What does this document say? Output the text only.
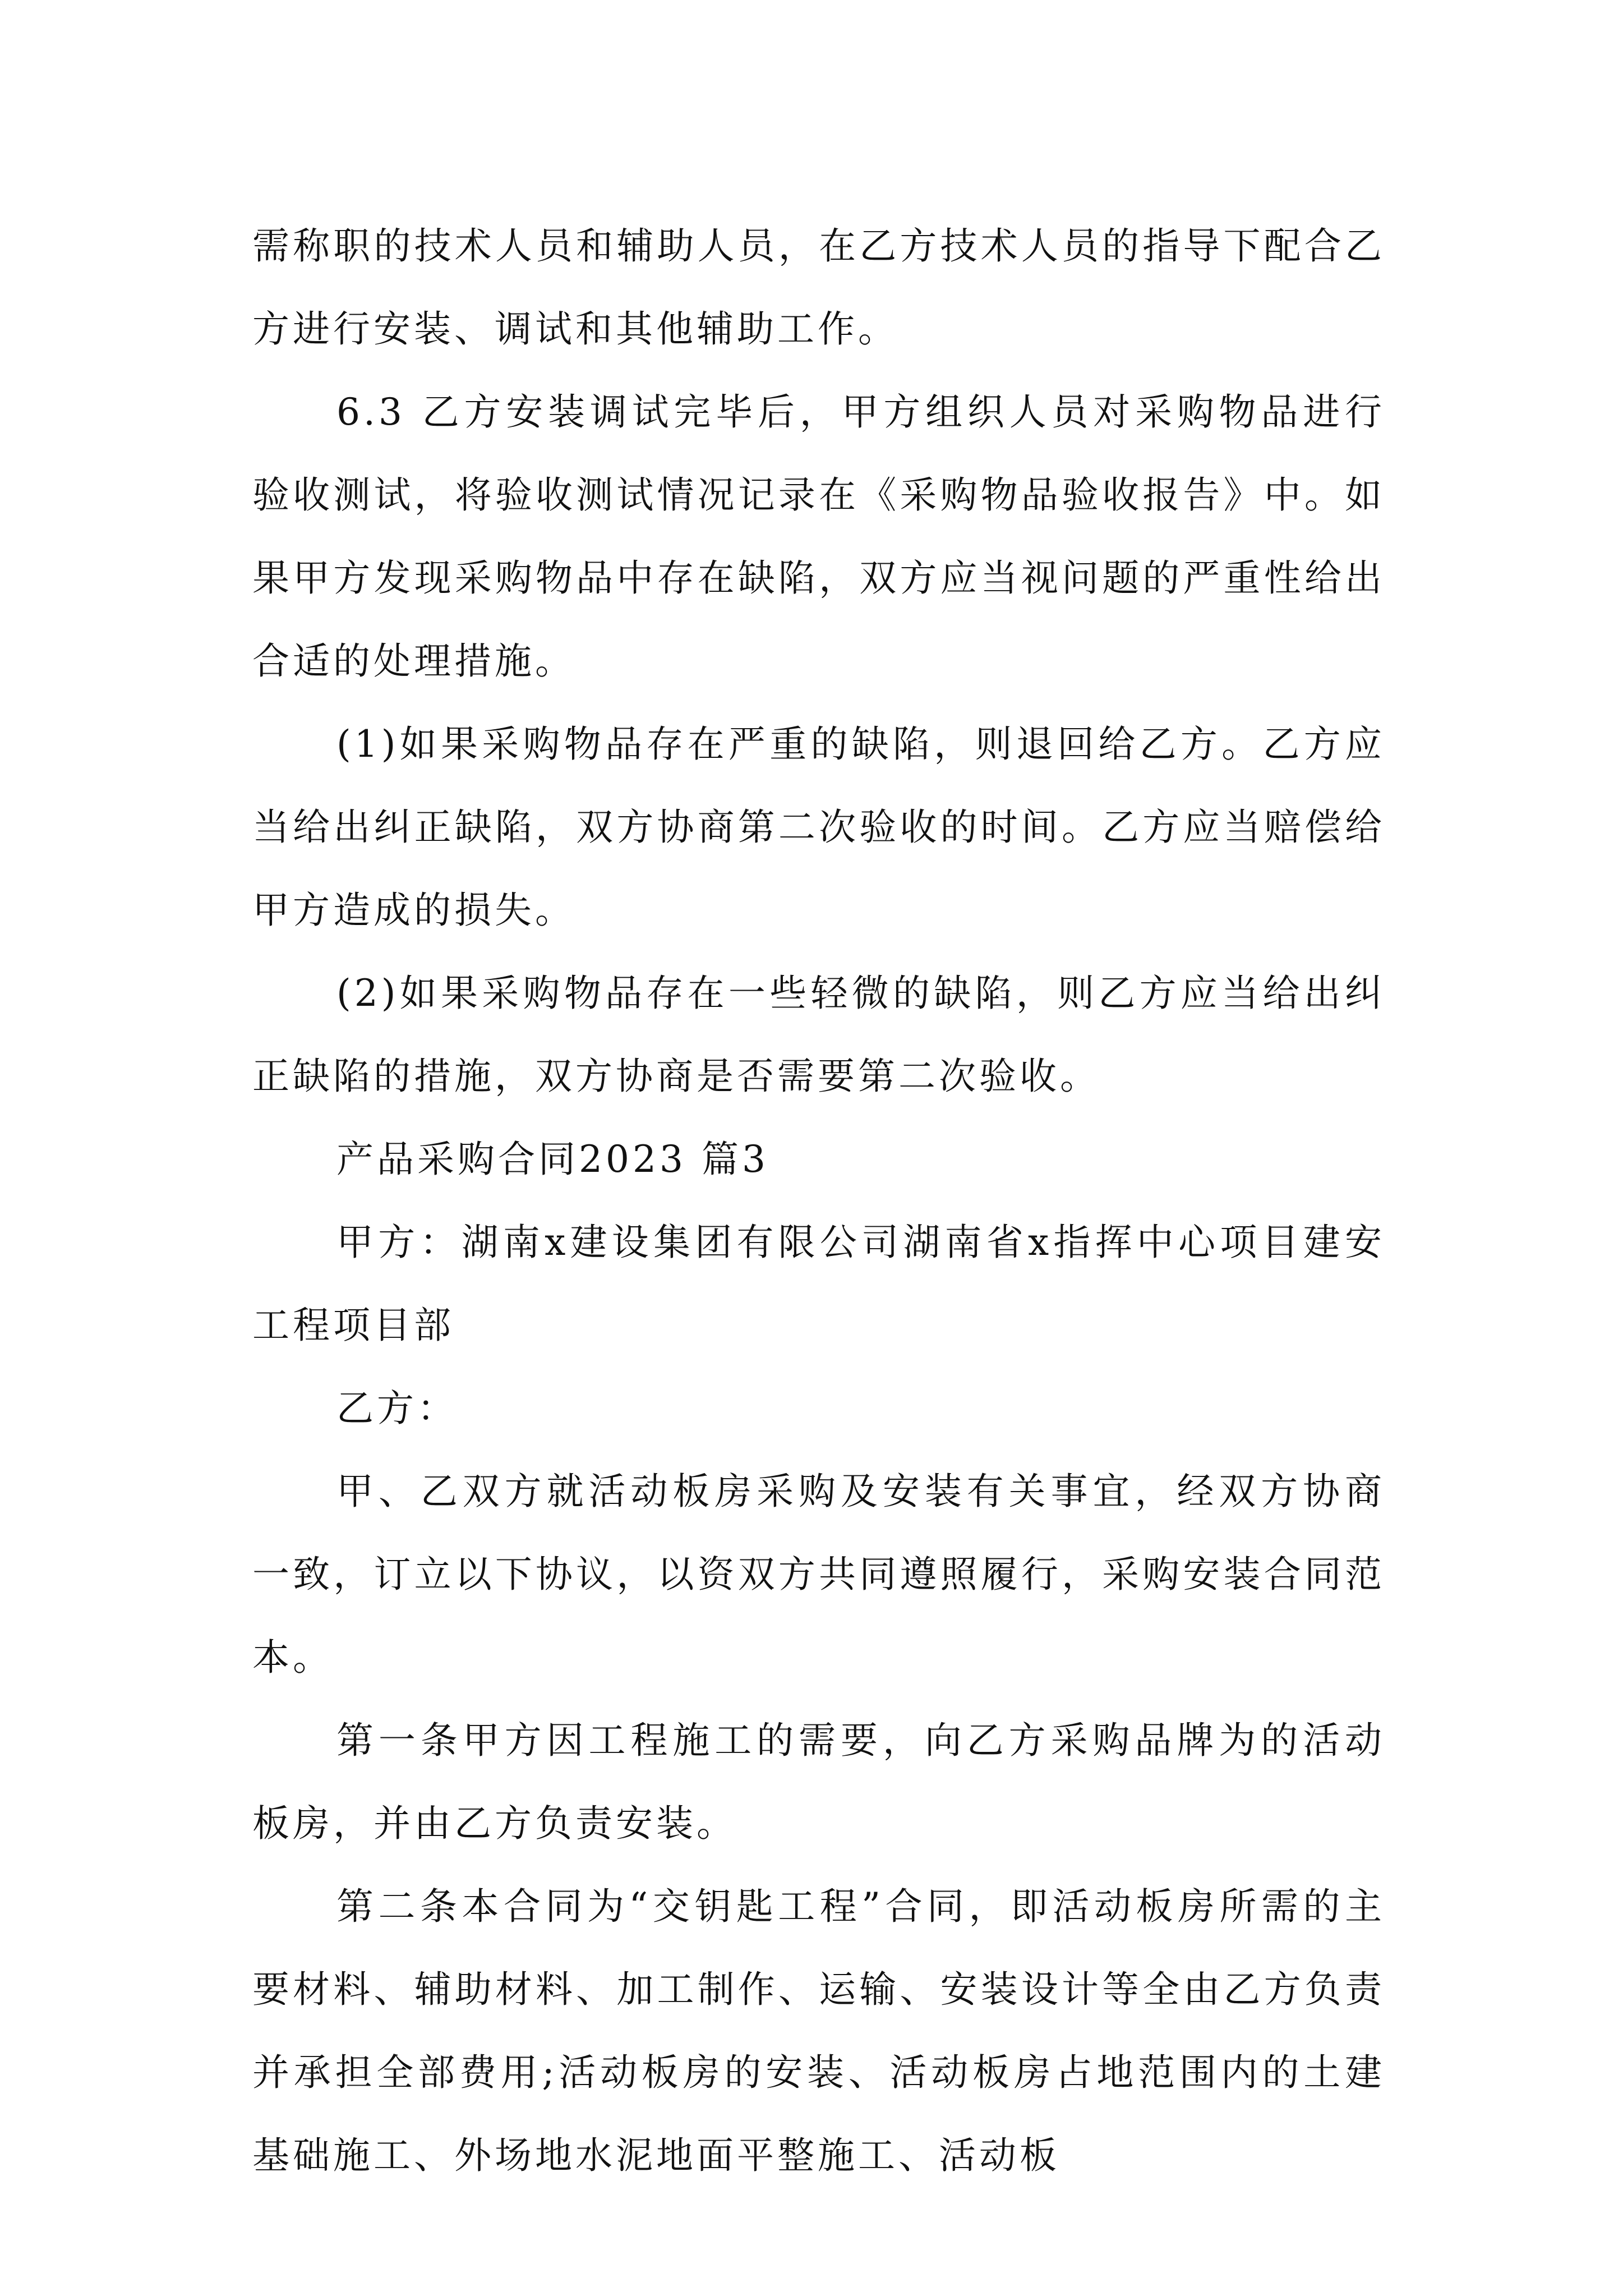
需称职的技术人员和辅助人员，在乙方技术人员的指导下配合乙方进行安装、调试和其他辅助工作。

6.3 乙方安装调试完毕后，甲方组织人员对采购物品进行验收测试，将验收测试情况记录在《采购物品验收报告》中。如果甲方发现采购物品中存在缺陷，双方应当视问题的严重性给出合适的处理措施。

(1)如果采购物品存在严重的缺陷，则退回给乙方。乙方应当给出纠正缺陷，双方协商第二次验收的时间。乙方应当赔偿给甲方造成的损失。

(2)如果采购物品存在一些轻微的缺陷，则乙方应当给出纠正缺陷的措施，双方协商是否需要第二次验收。

产品采购合同2023 篇3

甲方：湖南x建设集团有限公司湖南省x指挥中心项目建安工程项目部

乙方：

甲、乙双方就活动板房采购及安装有关事宜，经双方协商一致，订立以下协议，以资双方共同遵照履行，采购安装合同范本。

第一条甲方因工程施工的需要，向乙方采购品牌为的活动板房，并由乙方负责安装。

第二条本合同为“交钥匙工程”合同，即活动板房所需的主要材料、辅助材料、加工制作、运输、安装设计等全由乙方负责并承担全部费用;活动板房的安装、活动板房占地范围内的土建基础施工、外场地水泥地面平整施工、活动板
